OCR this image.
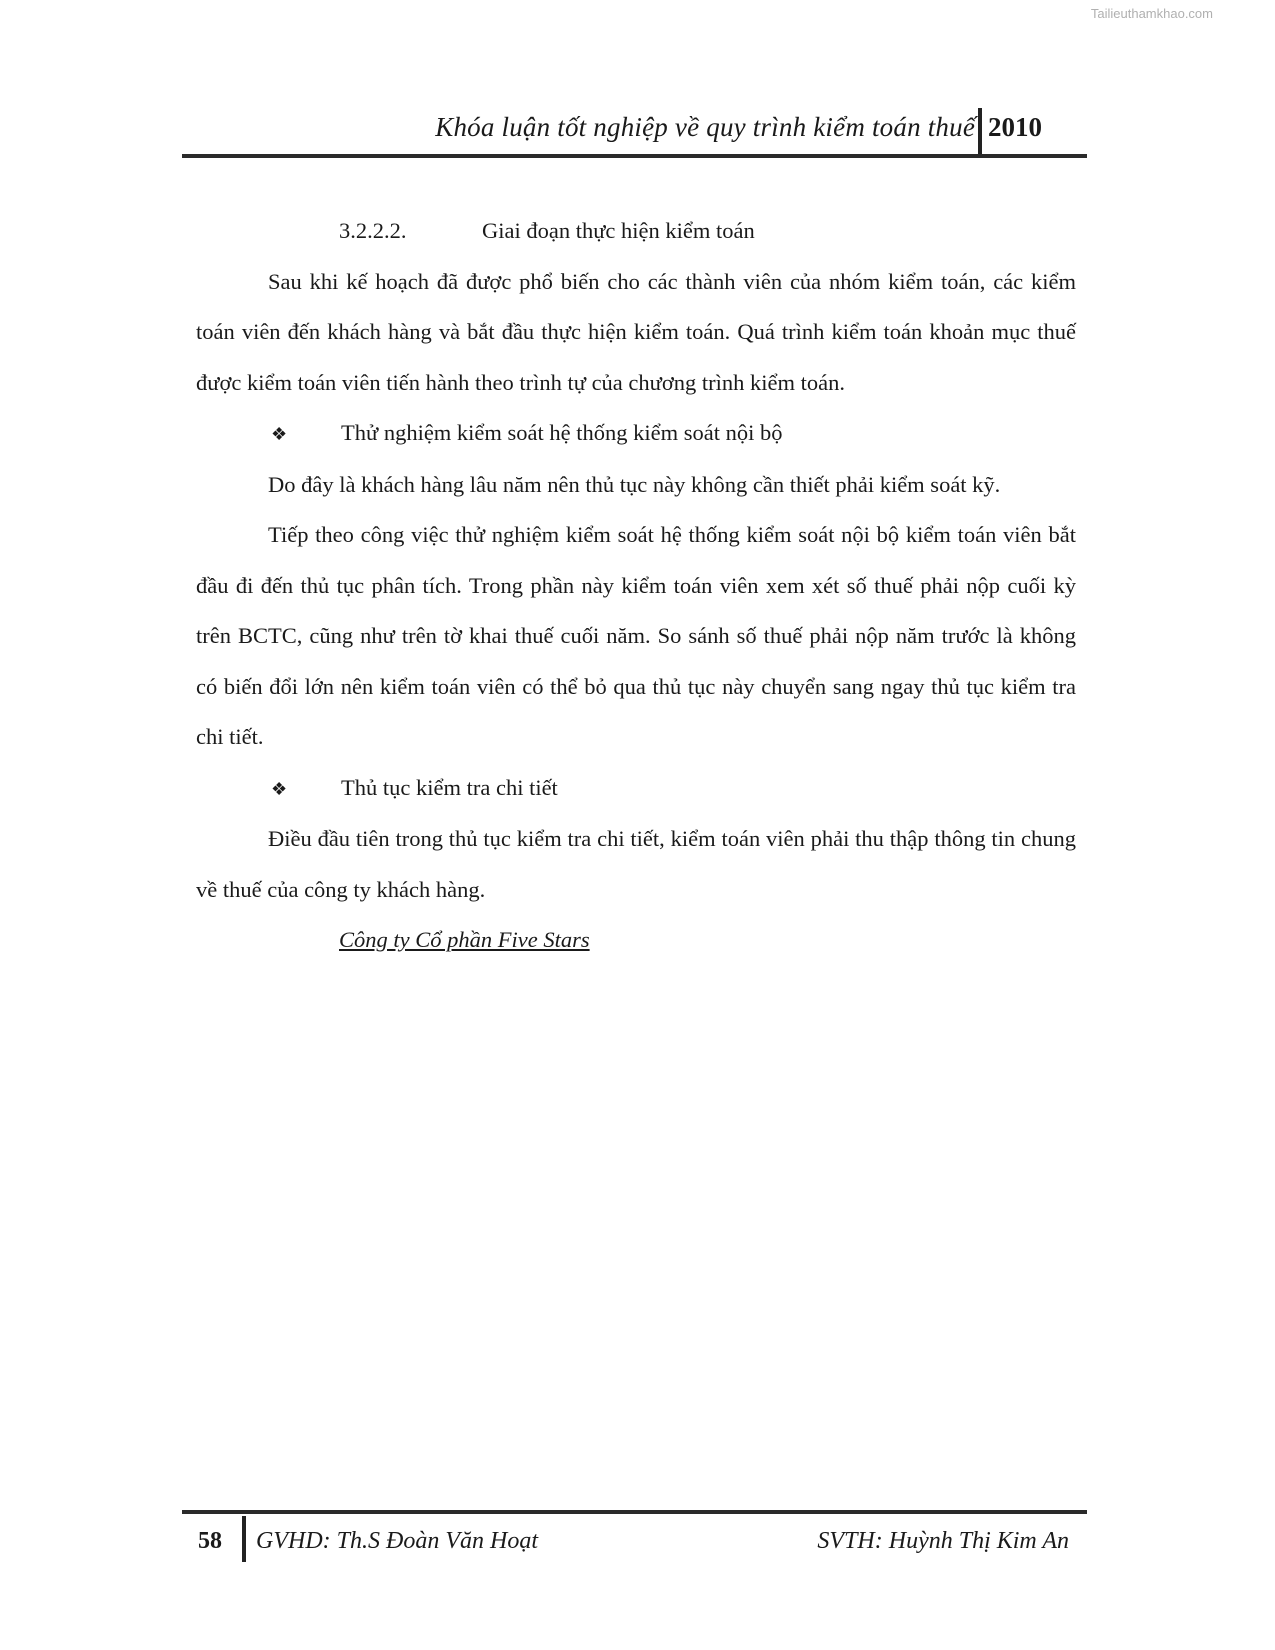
Tailieuthamkhao.com
Khóa luận tốt nghiệp về quy trình kiểm toán thuế 2010

3.2.2.2.	Giai đoạn thực hiện kiểm toán

Sau khi kế hoạch đã được phổ biến cho các thành viên của nhóm kiểm toán, các kiểm toán viên đến khách hàng và bắt đầu thực hiện kiểm toán. Quá trình kiểm toán khoản mục thuế được kiểm toán viên tiến hành theo trình tự của chương trình kiểm toán.

❖ Thử nghiệm kiểm soát hệ thống kiểm soát nội bộ

Do đây là khách hàng lâu năm nên thủ tục này không cần thiết phải kiểm soát kỹ.

Tiếp theo công việc thử nghiệm kiểm soát hệ thống kiểm soát nội bộ kiểm toán viên bắt đầu đi đến thủ tục phân tích. Trong phần này kiểm toán viên xem xét số thuế phải nộp cuối kỳ trên BCTC, cũng như trên tờ khai thuế cuối năm. So sánh số thuế phải nộp năm trước là không có biến đổi lớn nên kiểm toán viên có thể bỏ qua thủ tục này chuyển sang ngay thủ tục kiểm tra chi tiết.

❖ Thủ tục kiểm tra chi tiết

Điều đầu tiên trong thủ tục kiểm tra chi tiết, kiểm toán viên phải thu thập thông tin chung về thuế của công ty khách hàng.

Công ty Cổ phần Five Stars

58 GVHD: Th.S Đoàn Văn Hoạt	SVTH: Huỳnh Thị Kim An
